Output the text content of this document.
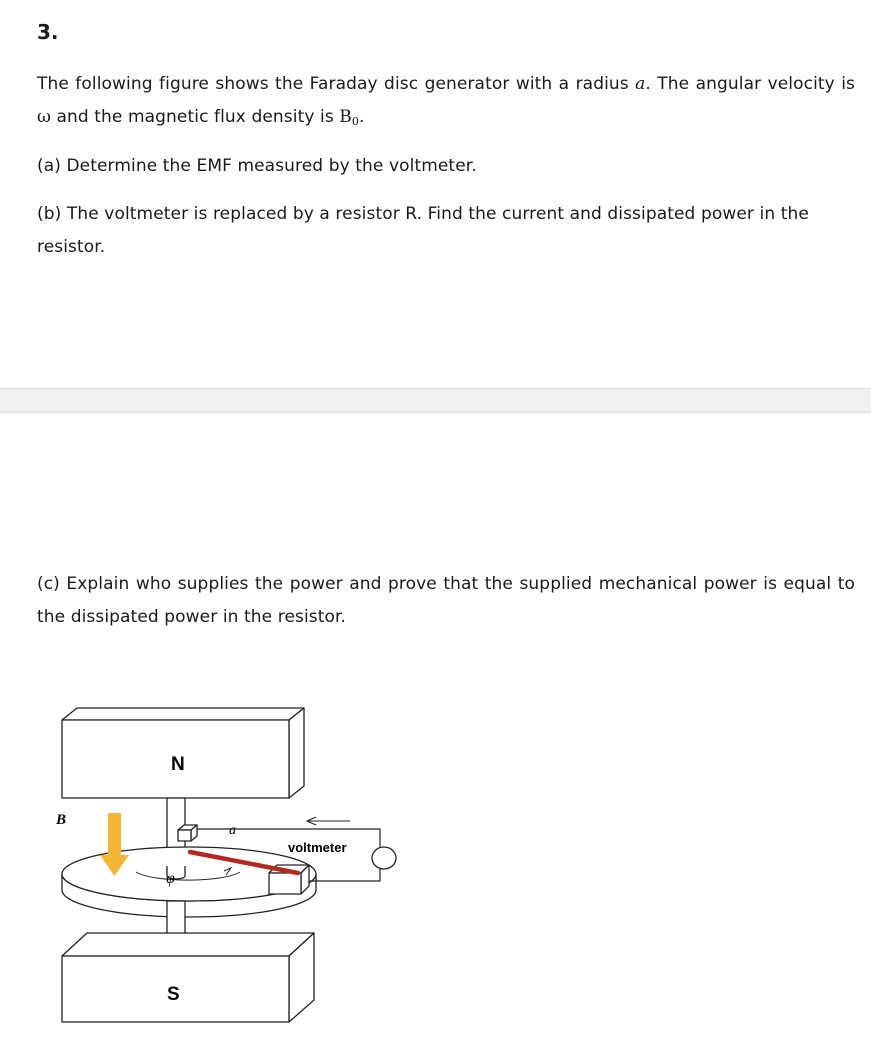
3.
The following figure shows the Faraday disc generator with a radius a. The angular velocity is ω and the magnetic flux density is $B_0$.
(a) Determine the EMF measured by the voltmeter.
(b) The voltmeter is replaced by a resistor R. Find the current and dissipated power in the resistor.
(c) Explain who supplies the power and prove that the supplied mechanical power is equal to the dissipated power in the resistor.
N
S
B
a
φ
voltmeter
